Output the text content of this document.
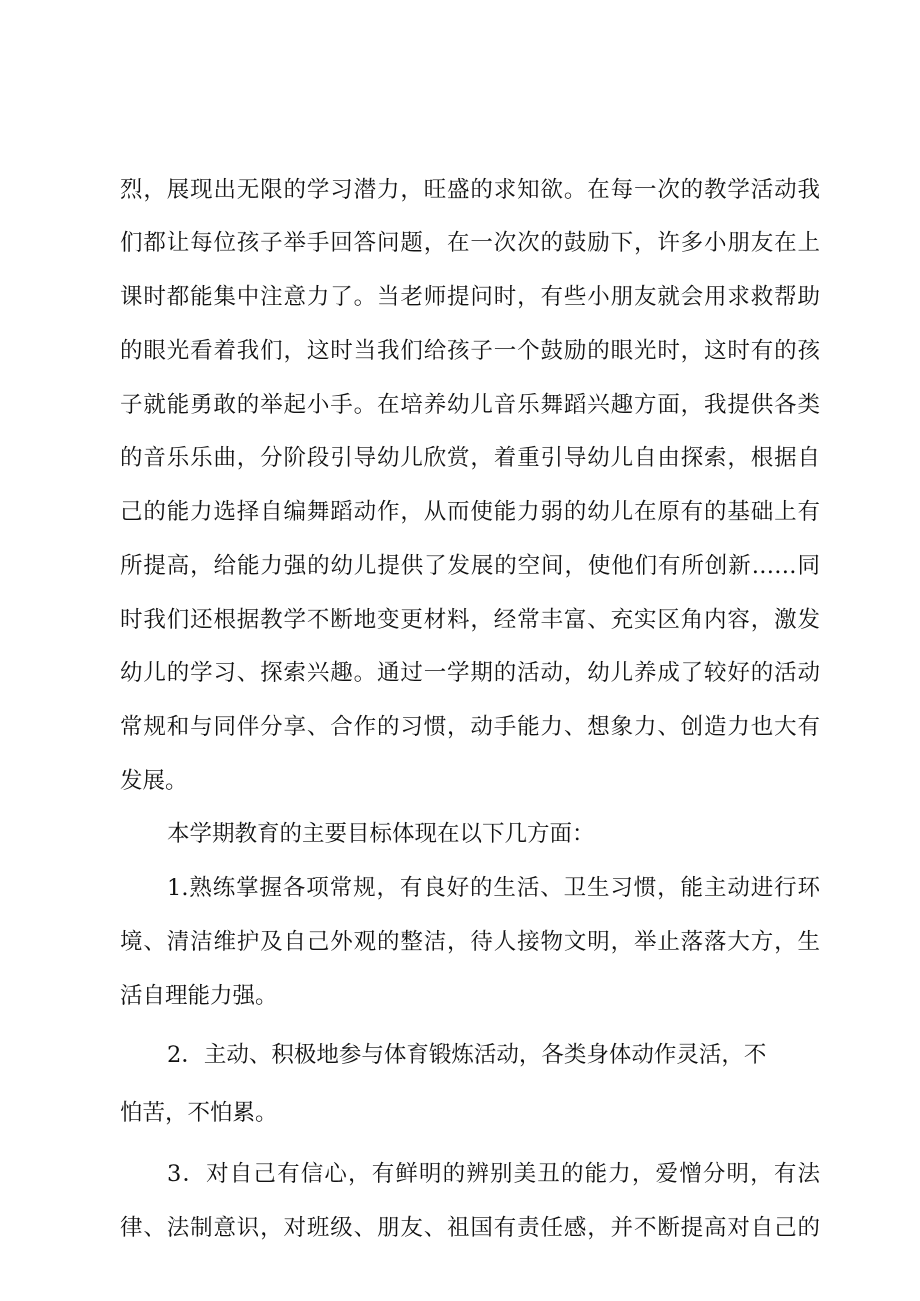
烈，展现出无限的学习潜力，旺盛的求知欲。在每一次的教学活动我
们都让每位孩子举手回答问题，在一次次的鼓励下，许多小朋友在上
课时都能集中注意力了。当老师提问时，有些小朋友就会用求救帮助
的眼光看着我们，这时当我们给孩子一个鼓励的眼光时，这时有的孩
子就能勇敢的举起小手。在培养幼儿音乐舞蹈兴趣方面，我提供各类
的音乐乐曲，分阶段引导幼儿欣赏，着重引导幼儿自由探索，根据自
己的能力选择自编舞蹈动作，从而使能力弱的幼儿在原有的基础上有
所提高，给能力强的幼儿提供了发展的空间，使他们有所创新……同
时我们还根据教学不断地变更材料，经常丰富、充实区角内容，激发
幼儿的学习、探索兴趣。通过一学期的活动，幼儿养成了较好的活动
常规和与同伴分享、合作的习惯，动手能力、想象力、创造力也大有
发展。
本学期教育的主要目标体现在以下几方面：
1.熟练掌握各项常规，有良好的生活、卫生习惯，能主动进行环
境、清洁维护及自己外观的整洁，待人接物文明，举止落落大方，生
活自理能力强。
2．主动、积极地参与体育锻炼活动，各类身体动作灵活，不
怕苦，不怕累。
3．对自己有信心，有鲜明的辨别美丑的能力，爱憎分明，有法
律、法制意识，对班级、朋友、祖国有责任感，并不断提高对自己的
